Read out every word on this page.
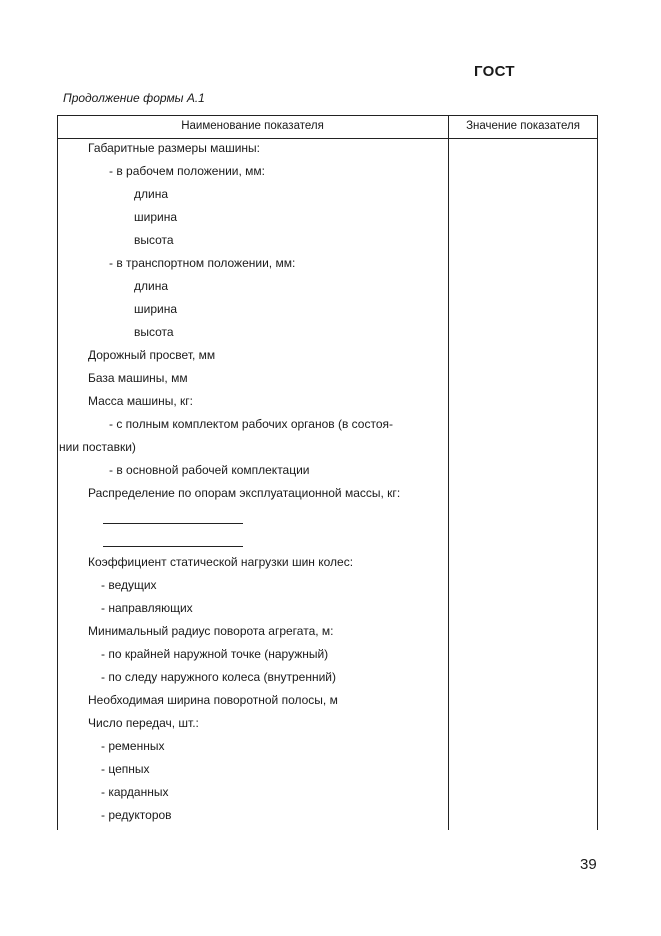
ГОСТ
Продолжение формы А.1
Наименование показателя	Значение показателя
Габаритные размеры машины:
- в рабочем положении, мм:
длина
ширина
высота
- в транспортном положении, мм:
длина
ширина
высота
Дорожный просвет, мм
База машины, мм
Масса машины, кг:
- с полным комплектом рабочих органов (в состоя-
нии поставки)
- в основной рабочей комплектации
Распределение по опорам эксплуатационной массы, кг:
Коэффициент статической нагрузки шин колес:
- ведущих
- направляющих
Минимальный радиус поворота агрегата, м:
- по крайней наружной точке (наружный)
- по следу наружного колеса (внутренний)
Необходимая ширина поворотной полосы, м
Число передач, шт.:
- ременных
- цепных
- карданных
- редукторов
39
